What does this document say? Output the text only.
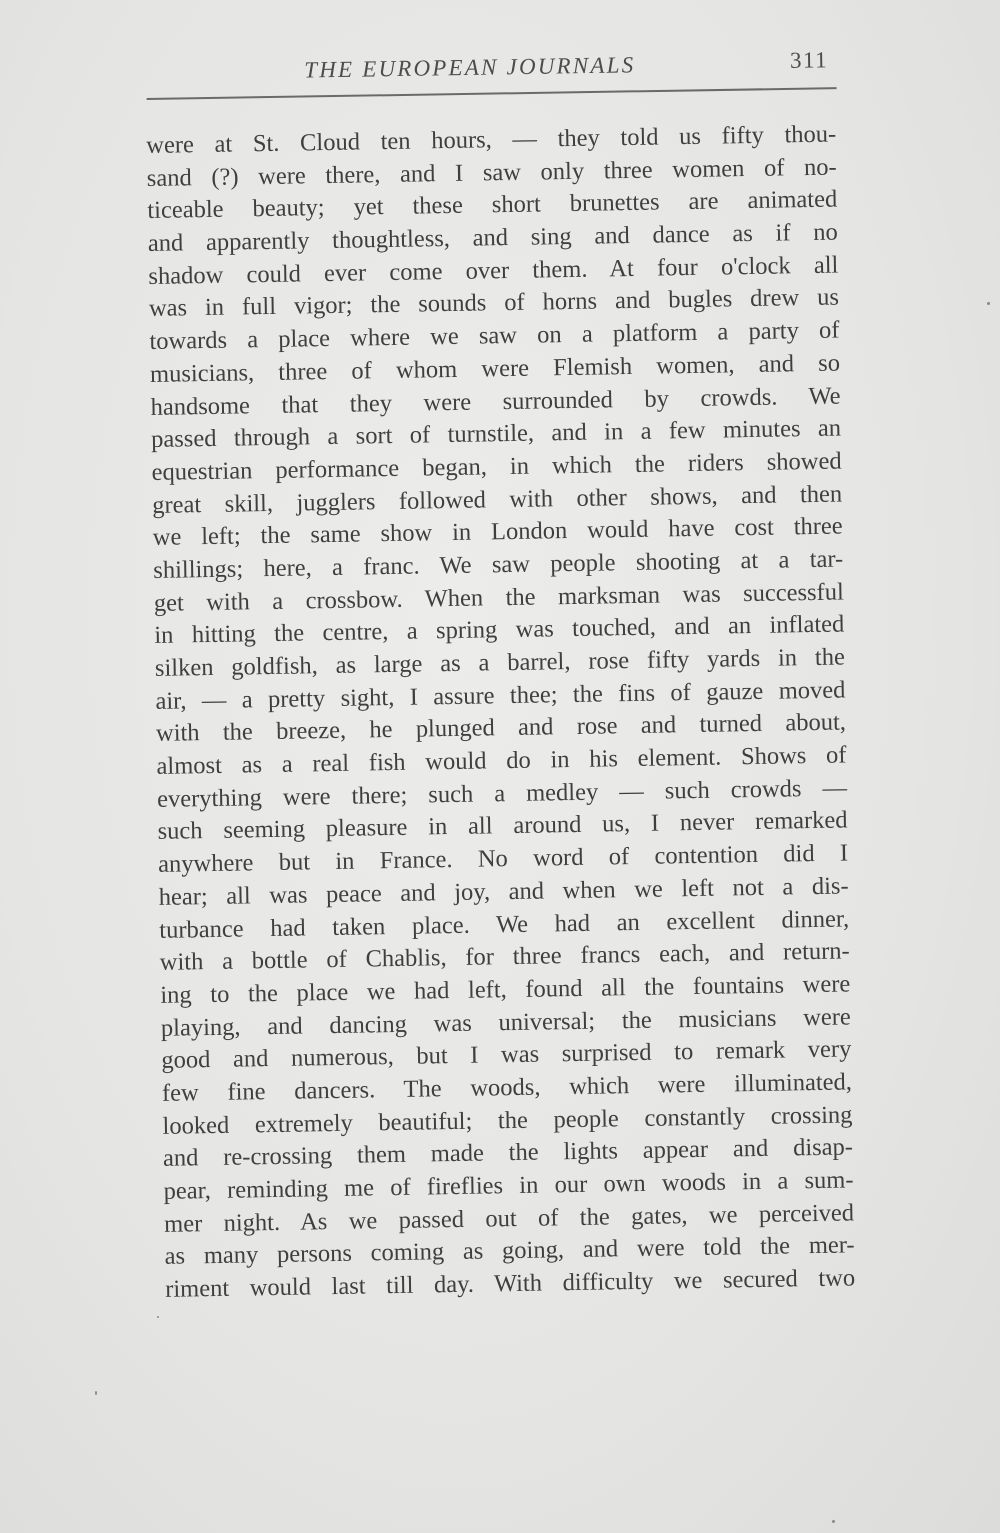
THE EUROPEAN JOURNALS	311
were at St. Cloud ten hours, — they told us fifty thou-
sand (?) were there, and I saw only three women of no-
ticeable beauty; yet these short brunettes are animated
and apparently thoughtless, and sing and dance as if no
shadow could ever come over them. At four o'clock all
was in full vigor; the sounds of horns and bugles drew us
towards a place where we saw on a platform a party of
musicians, three of whom were Flemish women, and so
handsome that they were surrounded by crowds. We
passed through a sort of turnstile, and in a few minutes an
equestrian performance began, in which the riders showed
great skill, jugglers followed with other shows, and then
we left; the same show in London would have cost three
shillings; here, a franc. We saw people shooting at a tar-
get with a crossbow. When the marksman was successful
in hitting the centre, a spring was touched, and an inflated
silken goldfish, as large as a barrel, rose fifty yards in the
air, — a pretty sight, I assure thee; the fins of gauze moved
with the breeze, he plunged and rose and turned about,
almost as a real fish would do in his element. Shows of
everything were there; such a medley — such crowds —
such seeming pleasure in all around us, I never remarked
anywhere but in France. No word of contention did I
hear; all was peace and joy, and when we left not a dis-
turbance had taken place. We had an excellent dinner,
with a bottle of Chablis, for three francs each, and return-
ing to the place we had left, found all the fountains were
playing, and dancing was universal; the musicians were
good and numerous, but I was surprised to remark very
few fine dancers. The woods, which were illuminated,
looked extremely beautiful; the people constantly crossing
and re-crossing them made the lights appear and disap-
pear, reminding me of fireflies in our own woods in a sum-
mer night. As we passed out of the gates, we perceived
as many persons coming as going, and were told the mer-
riment would last till day. With difficulty we secured two
